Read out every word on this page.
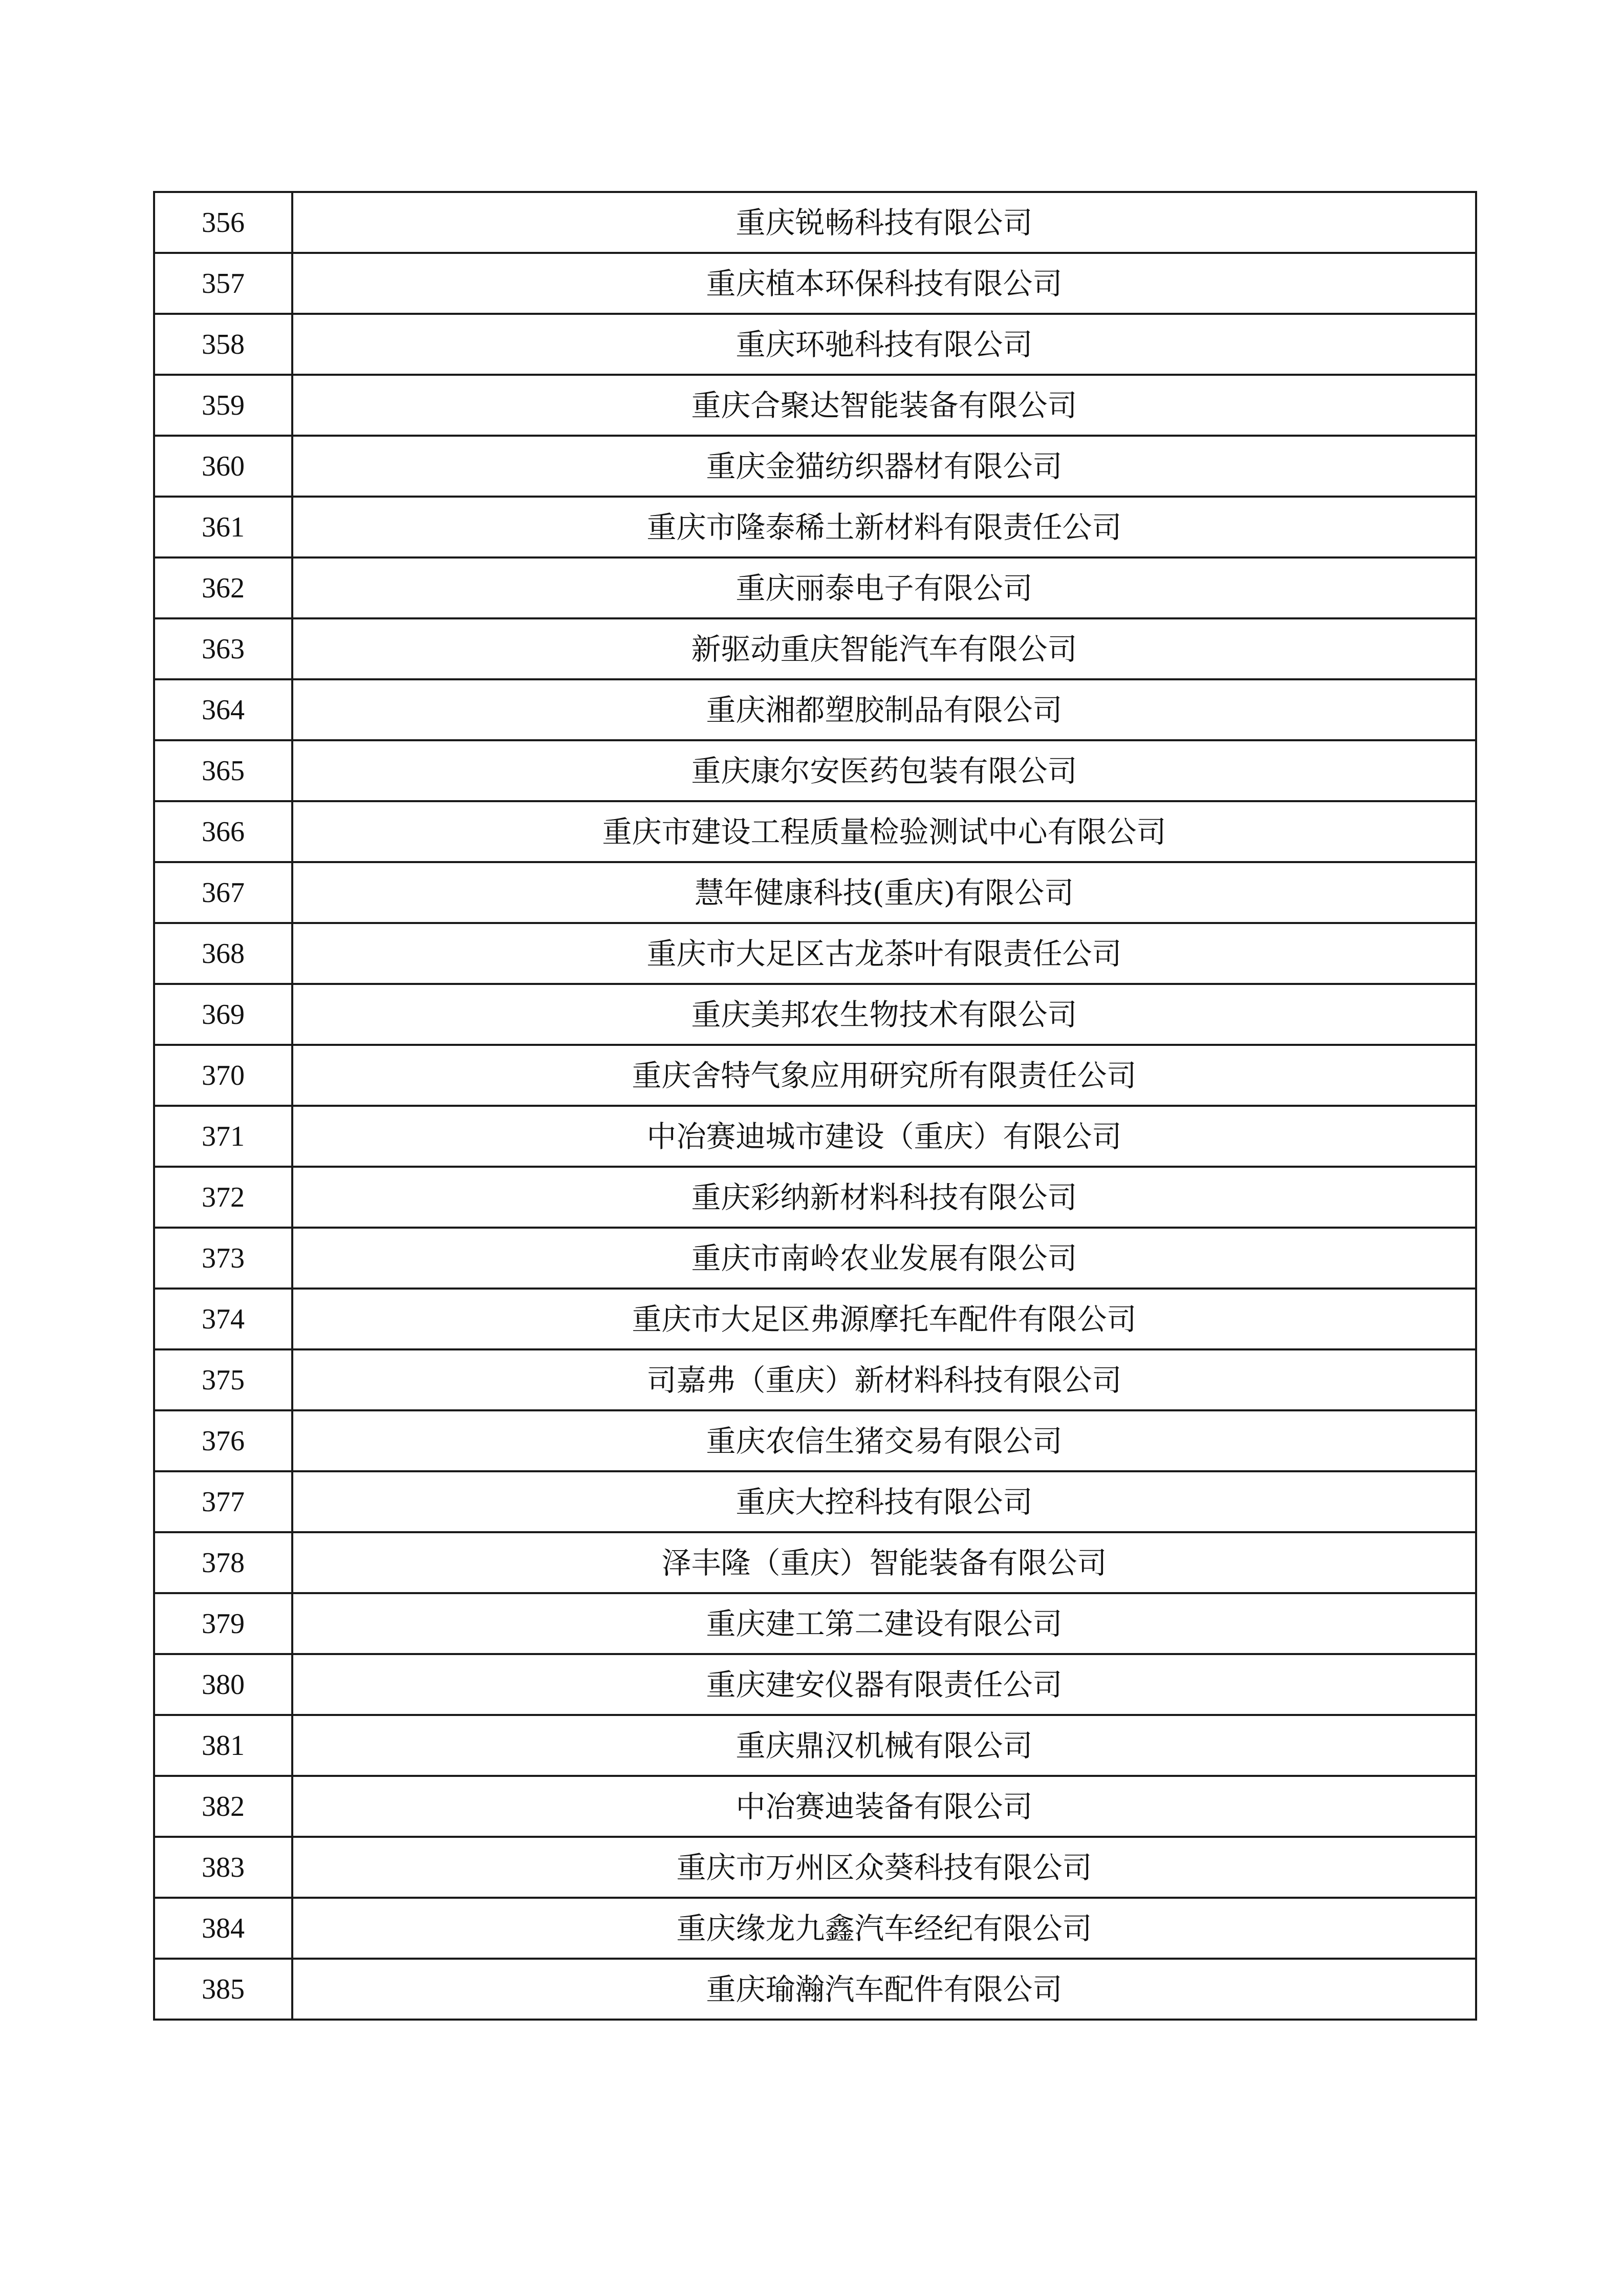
356	重庆锐畅科技有限公司
357	重庆植本环保科技有限公司
358	重庆环驰科技有限公司
359	重庆合聚达智能装备有限公司
360	重庆金猫纺织器材有限公司
361	重庆市隆泰稀土新材料有限责任公司
362	重庆丽泰电子有限公司
363	新驱动重庆智能汽车有限公司
364	重庆湘都塑胶制品有限公司
365	重庆康尔安医药包装有限公司
366	重庆市建设工程质量检验测试中心有限公司
367	慧年健康科技(重庆)有限公司
368	重庆市大足区古龙茶叶有限责任公司
369	重庆美邦农生物技术有限公司
370	重庆舍特气象应用研究所有限责任公司
371	中冶赛迪城市建设（重庆）有限公司
372	重庆彩纳新材料科技有限公司
373	重庆市南岭农业发展有限公司
374	重庆市大足区弗源摩托车配件有限公司
375	司嘉弗（重庆）新材料科技有限公司
376	重庆农信生猪交易有限公司
377	重庆大控科技有限公司
378	泽丰隆（重庆）智能装备有限公司
379	重庆建工第二建设有限公司
380	重庆建安仪器有限责任公司
381	重庆鼎汉机械有限公司
382	中冶赛迪装备有限公司
383	重庆市万州区众葵科技有限公司
384	重庆缘龙九鑫汽车经纪有限公司
385	重庆瑜瀚汽车配件有限公司
